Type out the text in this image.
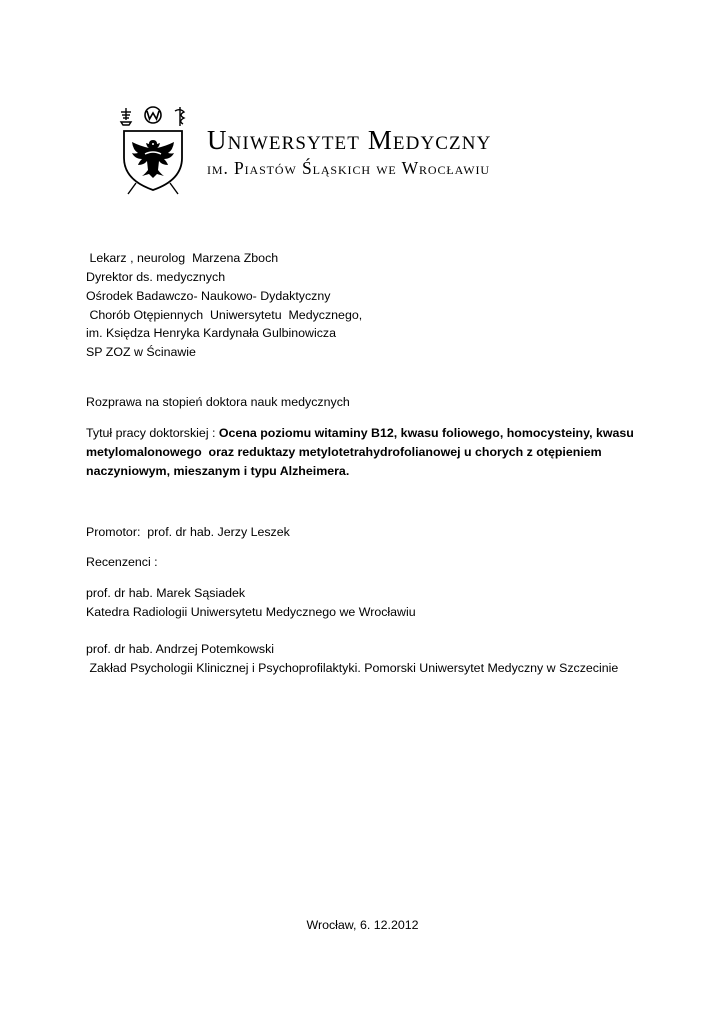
Uniwersytet Medyczny
im. Piastów Śląskich we Wrocławiu
Lekarz , neurolog  Marzena Zboch
Dyrektor ds. medycznych
Ośrodek Badawczo- Naukowo- Dydaktyczny
Chorób Otępiennych  Uniwersytetu  Medycznego,
im. Księdza Henryka Kardynała Gulbinowicza
SP ZOZ w Ścinawie
Rozprawa na stopień doktora nauk medycznych
Tytuł pracy doktorskiej : Ocena poziomu witaminy B12, kwasu foliowego, homocysteiny, kwasu
metylomalonowego  oraz reduktazy metylotetrahydrofolianowej u chorych z otępieniem
naczyniowym, mieszanym i typu Alzheimera.
Promotor:  prof. dr hab. Jerzy Leszek
Recenzenci :
prof. dr hab. Marek Sąsiadek
Katedra Radiologii Uniwersytetu Medycznego we Wrocławiu
prof. dr hab. Andrzej Potemkowski
Zakład Psychologii Klinicznej i Psychoprofilaktyki. Pomorski Uniwersytet Medyczny w Szczecinie
Wrocław, 6. 12.2012
